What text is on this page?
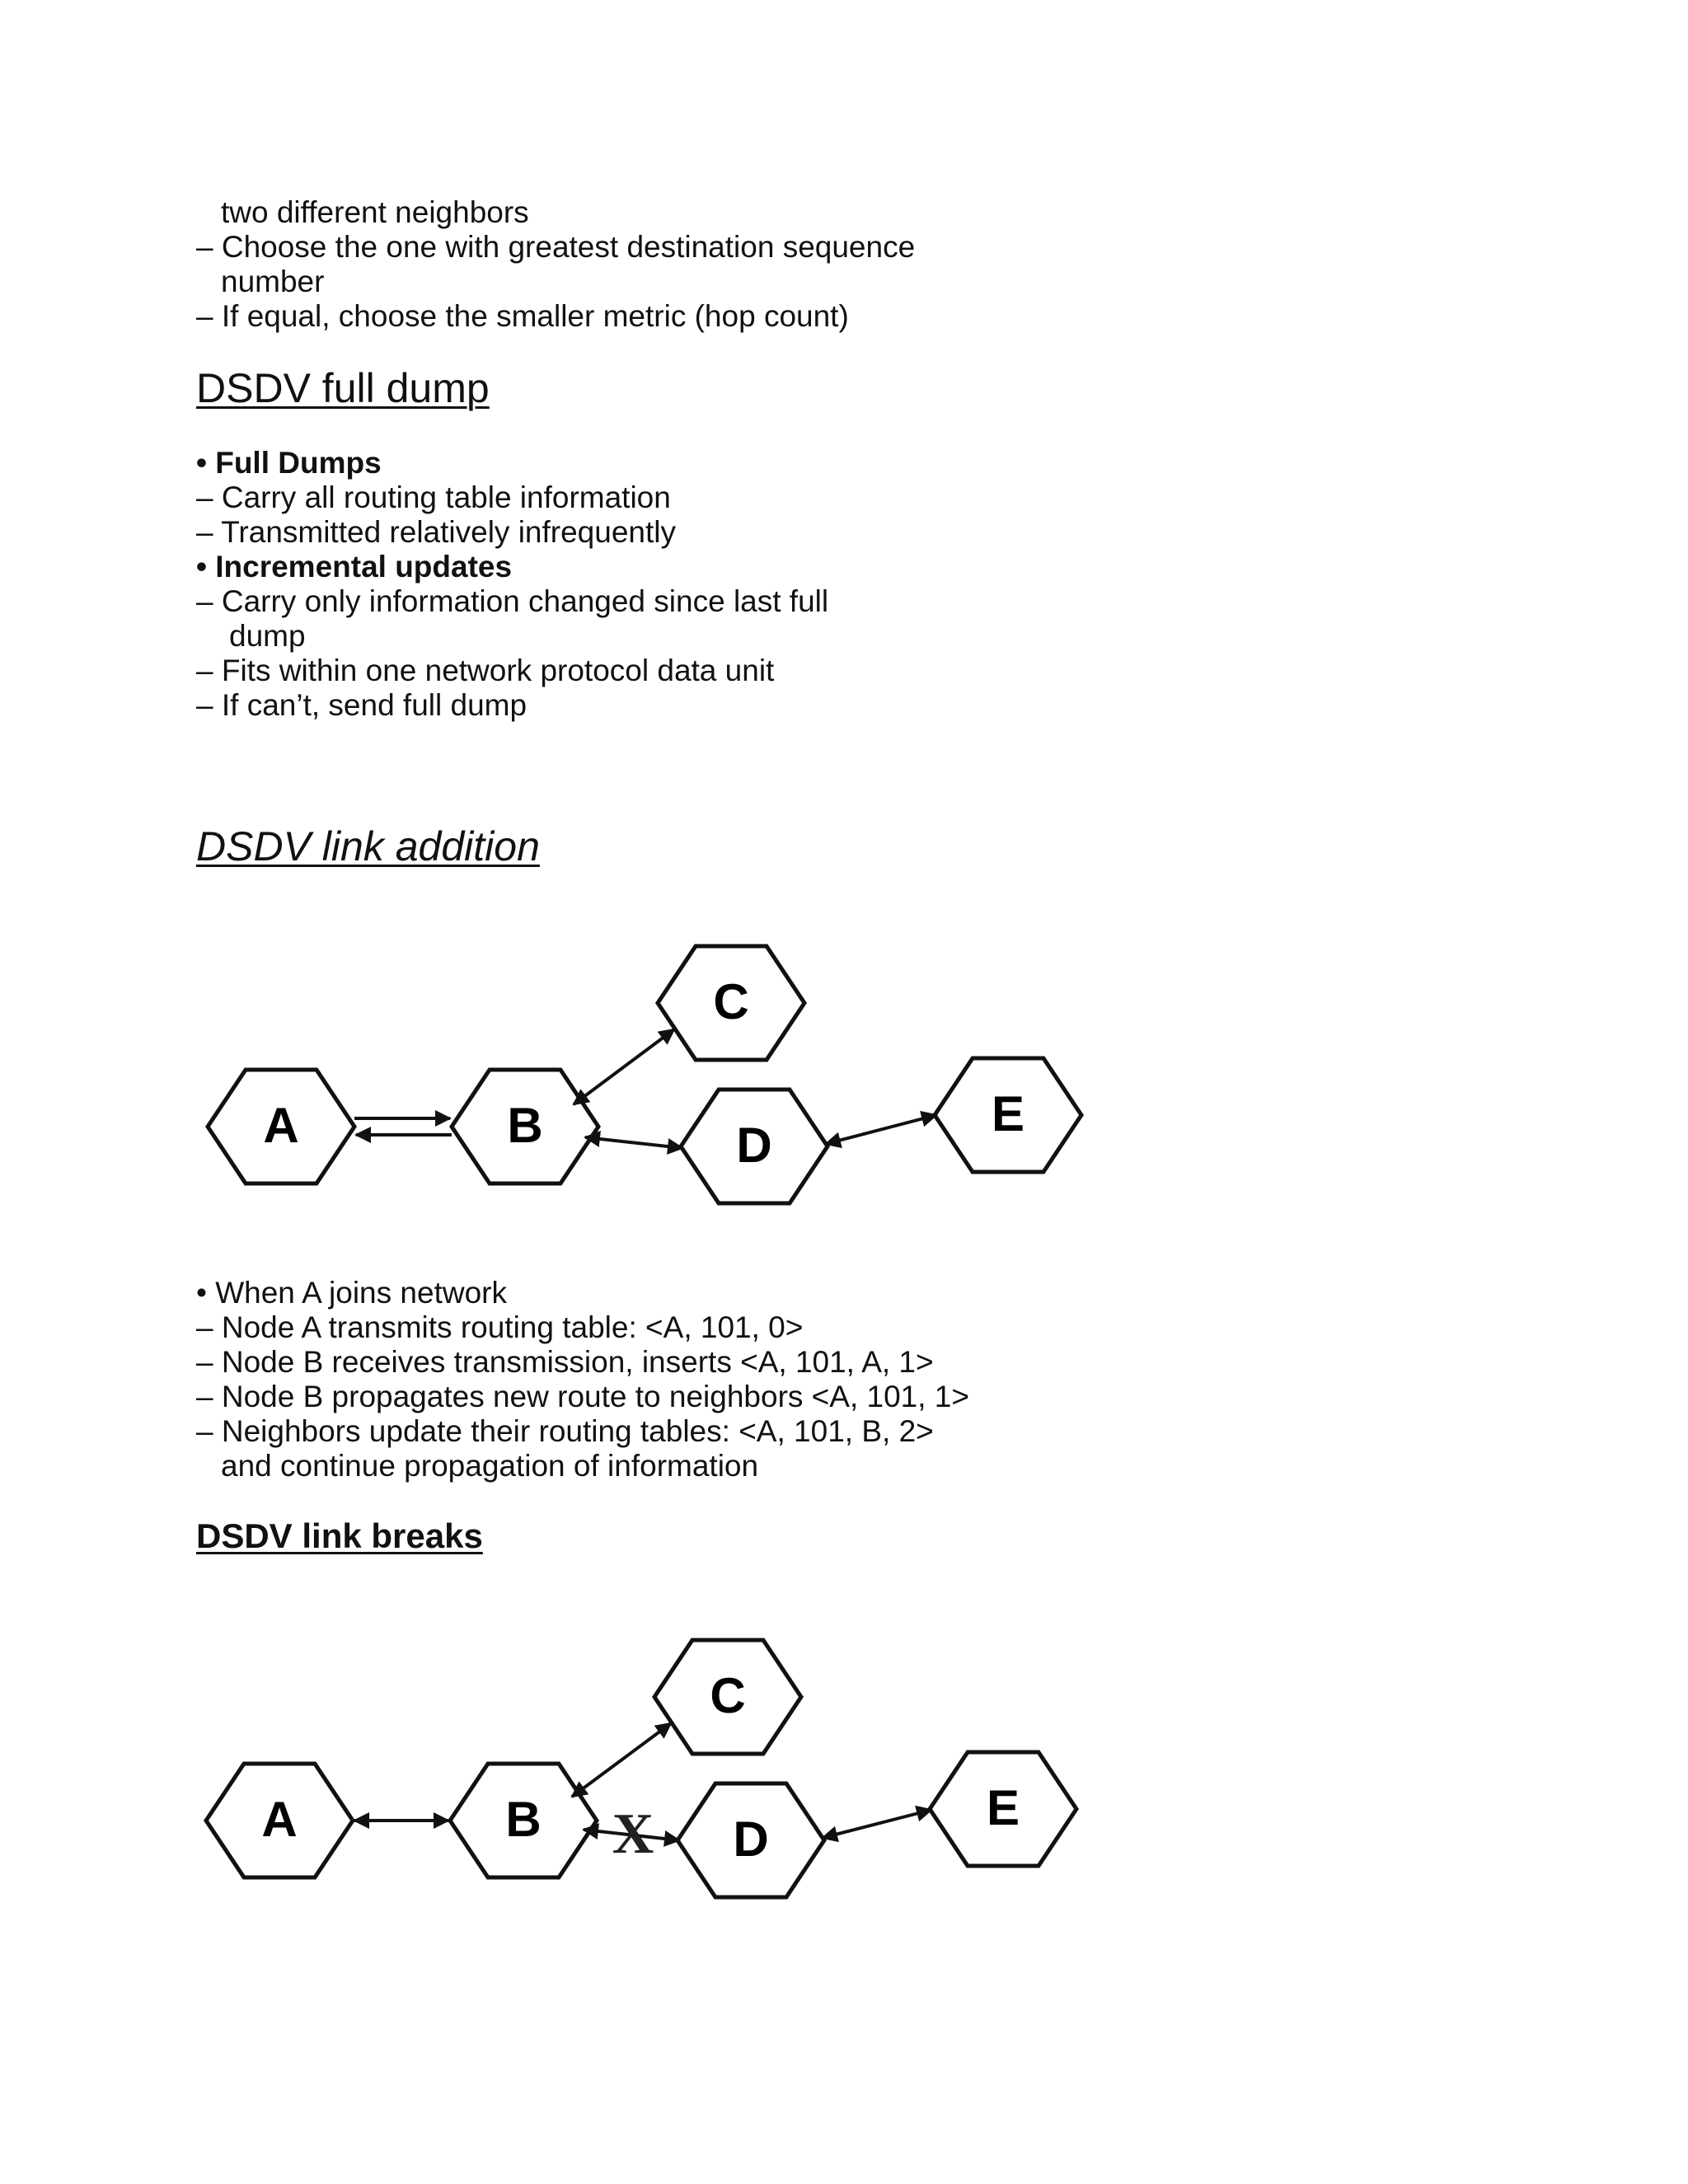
two different neighbors
– Choose the one with greatest destination sequence
number
– If equal, choose the smaller metric (hop count)
DSDV full dump
• Full Dumps
– Carry all routing table information
– Transmitted relatively infrequently
• Incremental updates
– Carry only information changed since last full
dump
– Fits within one network protocol data unit
– If can’t, send full dump
DSDV link addition
A	B
C
D
E
A	B
C
D
E
X
• When A joins network
– Node A transmits routing table: <A, 101, 0>
– Node B receives transmission, inserts <A, 101, A, 1>
– Node B propagates new route to neighbors <A, 101, 1>
– Neighbors update their routing tables: <A, 101, B, 2>
and continue propagation of information
DSDV link breaks
